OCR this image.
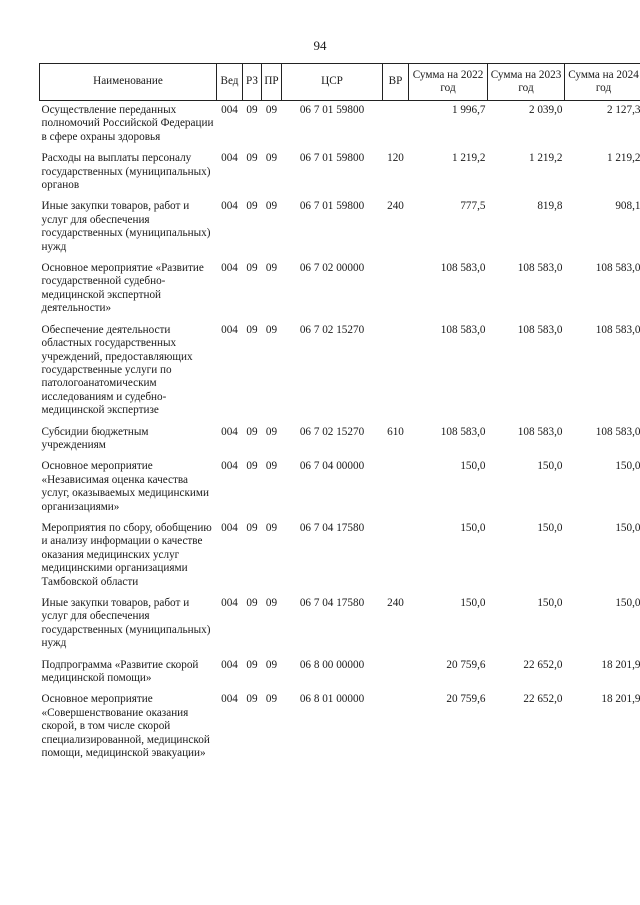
94
Наименование	Вед	РЗ	ПР	ЦСР	ВР	Сумма на 2022 год	Сумма на 2023 год	Сумма на 2024 год
Осуществление переданных полномочий Российской Федерации в сфере охраны здоровья	004	09	09	06 7 01 59800		1 996,7	2 039,0	2 127,3
Расходы на выплаты персоналу государственных (муниципальных) органов	004	09	09	06 7 01 59800	120	1 219,2	1 219,2	1 219,2
Иные закупки товаров, работ и услуг для обеспечения государственных (муниципальных) нужд	004	09	09	06 7 01 59800	240	777,5	819,8	908,1
Основное мероприятие «Развитие государственной судебно-медицинской экспертной деятельности»	004	09	09	06 7 02 00000		108 583,0	108 583,0	108 583,0
Обеспечение деятельности областных государственных учреждений, предоставляющих государственные услуги по патологоанатомическим исследованиям и судебно-медицинской экспертизе	004	09	09	06 7 02 15270		108 583,0	108 583,0	108 583,0
Субсидии бюджетным учреждениям	004	09	09	06 7 02 15270	610	108 583,0	108 583,0	108 583,0
Основное мероприятие «Независимая оценка качества услуг, оказываемых медицинскими организациями»	004	09	09	06 7 04 00000		150,0	150,0	150,0
Мероприятия по сбору, обобщению и анализу информации о качестве оказания медицинских услуг медицинскими организациями Тамбовской области	004	09	09	06 7 04 17580		150,0	150,0	150,0
Иные закупки товаров, работ и услуг для обеспечения государственных (муниципальных) нужд	004	09	09	06 7 04 17580	240	150,0	150,0	150,0
Подпрограмма «Развитие скорой медицинской помощи»	004	09	09	06 8 00 00000		20 759,6	22 652,0	18 201,9
Основное мероприятие «Совершенствование оказания скорой, в том числе скорой специализированной, медицинской помощи, медицинской эвакуации»	004	09	09	06 8 01 00000		20 759,6	22 652,0	18 201,9
